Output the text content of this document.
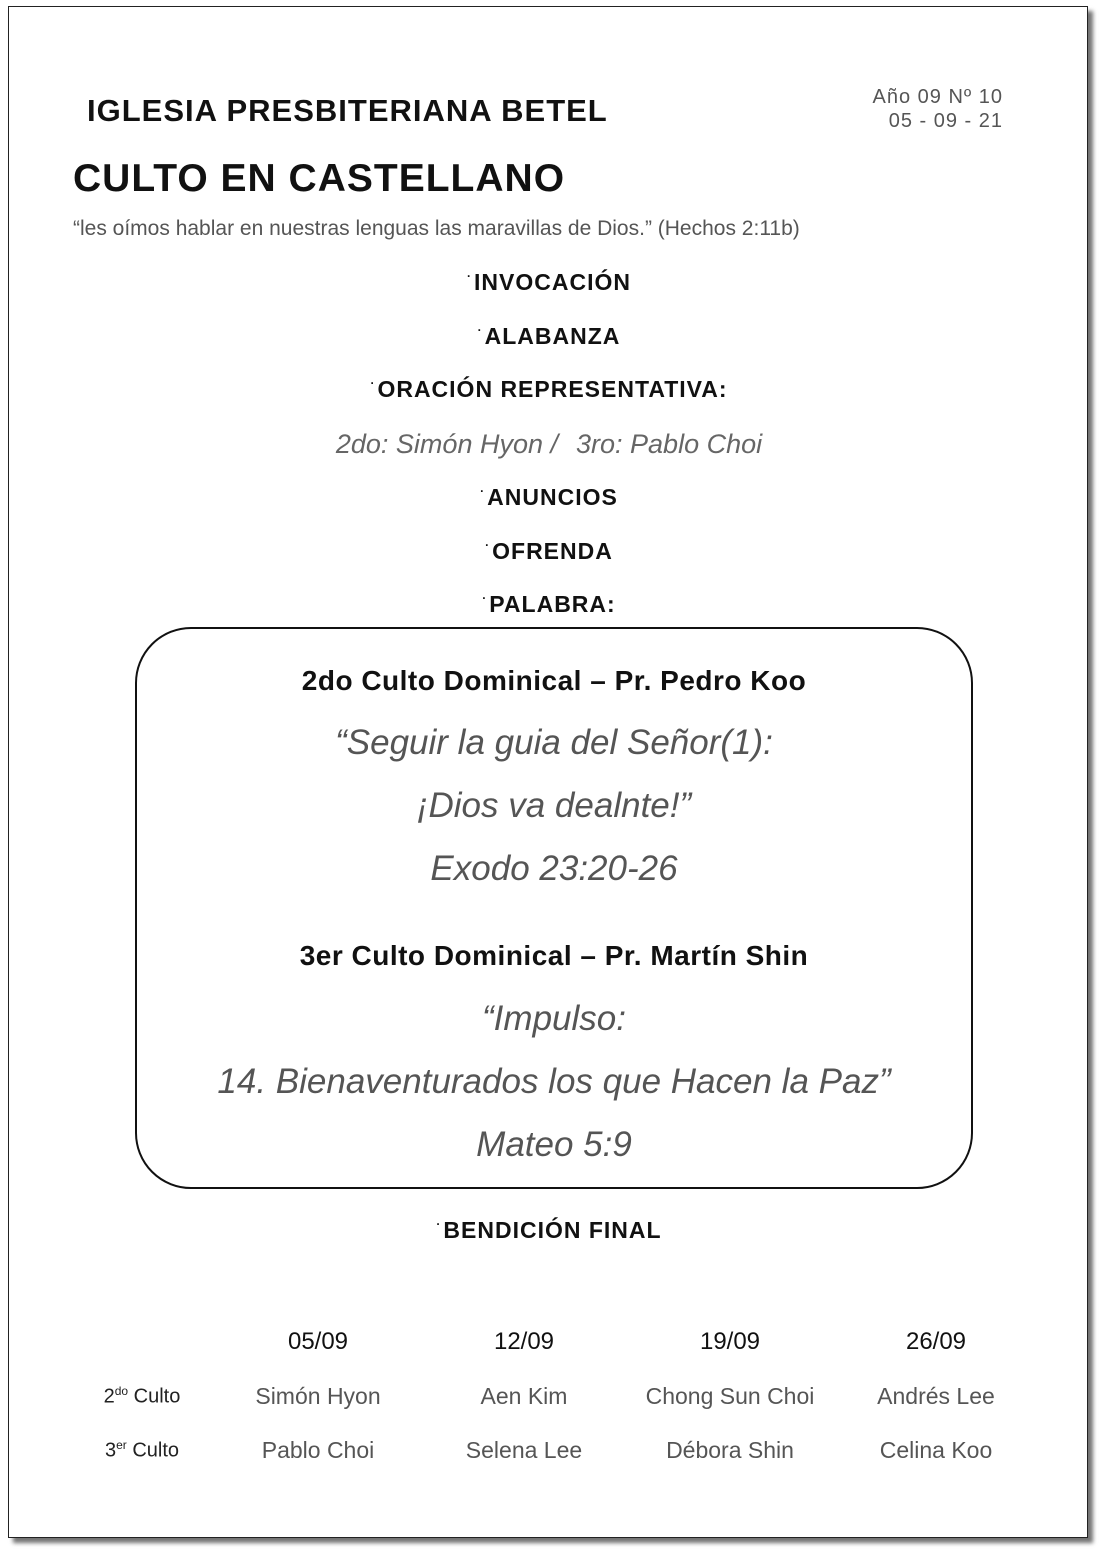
IGLESIA PRESBITERIANA BETEL	Año 09 Nº 10
05 - 09 - 21
CULTO EN CASTELLANO
“les oímos hablar en nuestras lenguas las maravillas de Dios.” (Hechos 2:11b)
·INVOCACIÓN
·ALABANZA
·ORACIÓN REPRESENTATIVA:
2do: Simón Hyon / 3ro: Pablo Choi
·ANUNCIOS
·OFRENDA
·PALABRA:
2do Culto Dominical – Pr. Pedro Koo
“Seguir la guia del Señor(1):
¡Dios va dealnte!”
Exodo 23:20-26
3er Culto Dominical – Pr. Martín Shin
“Impulso:
14. Bienaventurados los que Hacen la Paz”
Mateo 5:9
·BENDICIÓN FINAL
	05/09	12/09	19/09	26/09
$2^{do}$ Culto	Simón Hyon	Aen Kim	Chong Sun Choi	Andrés Lee
3er Culto	Pablo Choi	Selena Lee	Débora Shin	Celina Koo
